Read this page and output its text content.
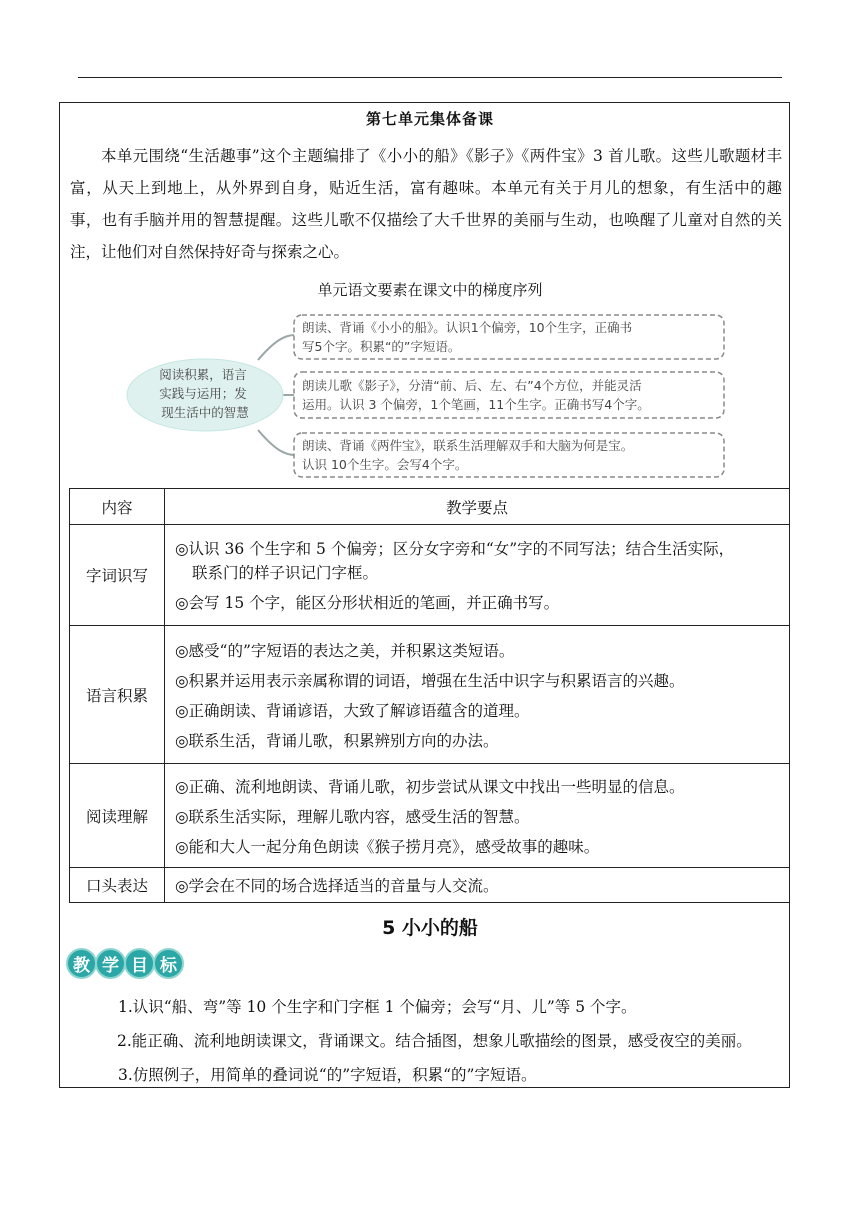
第七单元集体备课
本单元围绕“生活趣事”这个主题编排了《小小的船》《影子》《两件宝》3 首儿歌。这些儿歌题材丰富，从天上到地上，从外界到自身，贴近生活，富有趣味。本单元有关于月儿的想象，有生活中的趣事，也有手脑并用的智慧提醒。这些儿歌不仅描绘了大千世界的美丽与生动，也唤醒了儿童对自然的关注，让他们对自然保持好奇与探索之心。
单元语文要素在课文中的梯度序列
阅读积累，语言 实践与运用；发 现生活中的智慧
朗读、背诵《小小的船》。认识1个偏旁，10个生字，正确书 写5个字。积累“的”字短语。
朗读儿歌《影子》，分清“前、后、左、右”4个方位，并能灵活 运用。认识 3 个偏旁，1个笔画，11个生字。正确书写4个字。
朗读、背诵《两件宝》，联系生活理解双手和大脑为何是宝。 认识 10个生字。会写4个字。
内容	教学要点
字词识写	◎认识 36 个生字和 5 个偏旁；区分女字旁和“女”字的不同写法；结合生活实际，
联系门的样子识记门字框。
◎会写 15 个字，能区分形状相近的笔画，并正确书写。

语言积累	◎感受“的”字短语的表达之美，并积累这类短语。
◎积累并运用表示亲属称谓的词语，增强在生活中识字与积累语言的兴趣。
◎正确朗读、背诵谚语，大致了解谚语蕴含的道理。
◎联系生活，背诵儿歌，积累辨别方向的办法。

阅读理解	◎正确、流利地朗读、背诵儿歌，初步尝试从课文中找出一些明显的信息。
◎联系生活实际，理解儿歌内容，感受生活的智慧。
◎能和大人一起分角色朗读《猴子捞月亮》，感受故事的趣味。

口头表达	◎学会在不同的场合选择适当的音量与人交流。
5 小小的船
教 学 目 标
1.认识“船、弯”等 10 个生字和门字框 1 个偏旁；会写“月、儿”等 5 个字。
2.能正确、流利地朗读课文，背诵课文。结合插图，想象儿歌描绘的图景，感受夜空的美丽。
3.仿照例子，用简单的叠词说“的”字短语，积累“的”字短语。
